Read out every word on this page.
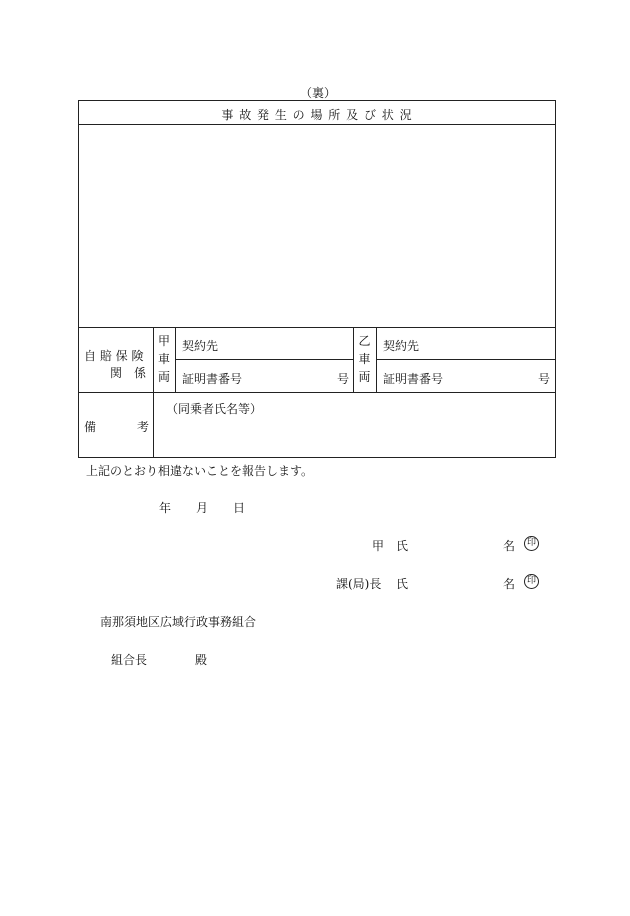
（裏）
事 故 発 生 の 場 所 及 び 状 況
自 賠 保 険
関　係
甲
車
両
契約先
証明書番号	号
乙
車
両
契約先
証明書番号	号
備	考
（同乗者氏名等）
上記のとおり相違ないことを報告します。
年 月 日
甲 氏	名	印
課(局)長 氏	名	印
南那須地区広域行政事務組合
組合長	殿
